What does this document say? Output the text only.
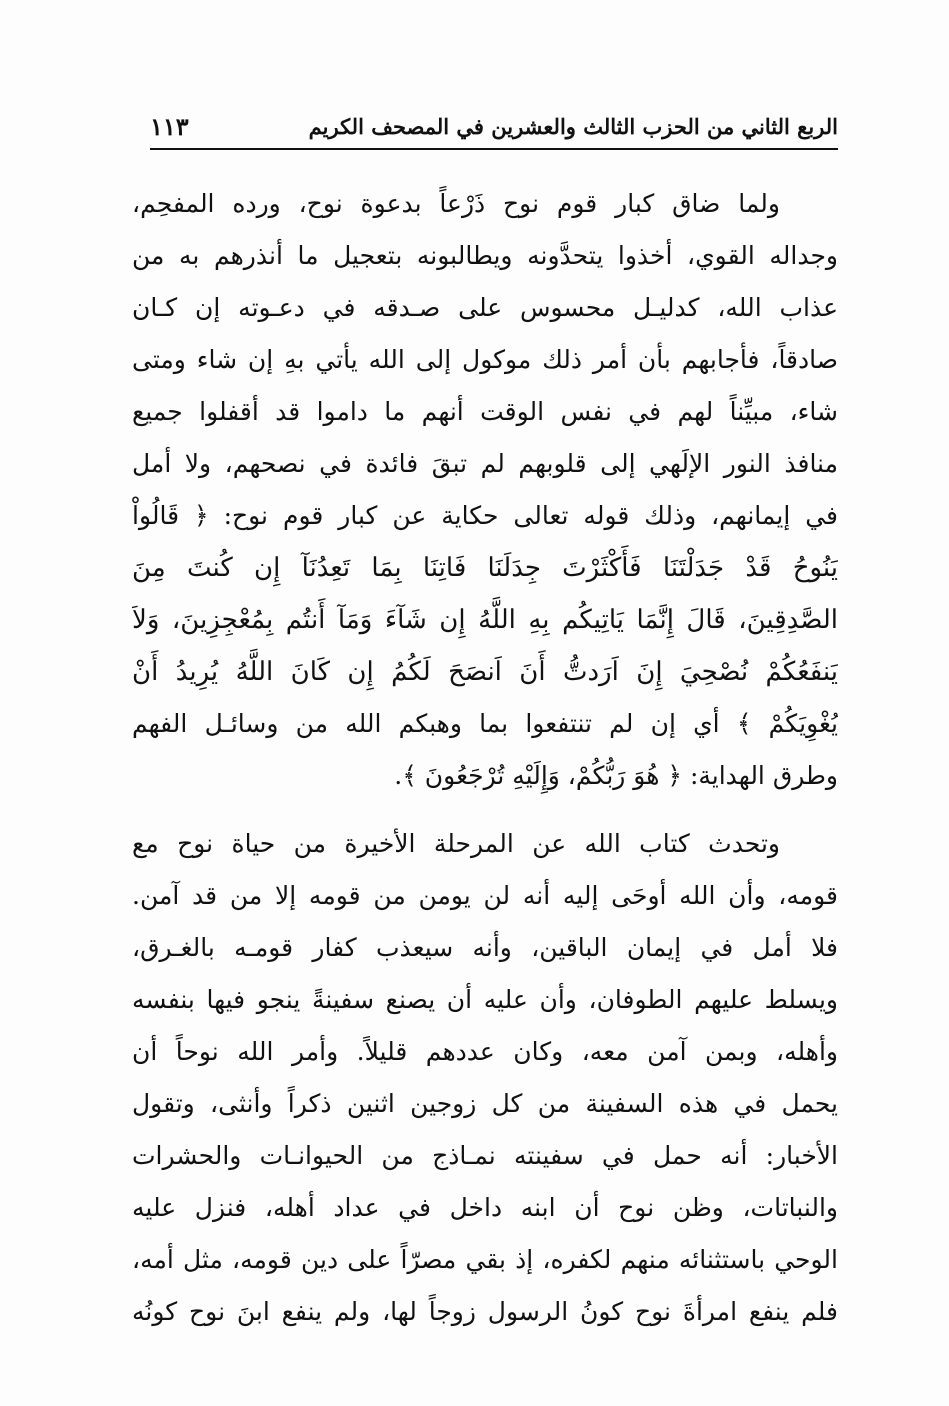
الربع الثاني من الحزب الثالث والعشرين في المصحف الكريم
١١٣
ولما ضاق كبار قوم نوح ذَرْعاً بدعوة نوح، ورده المفحِم،
وجداله القوي، أخذوا يتحدَّونه ويطالبونه بتعجيل ما أنذرهم به من
عذاب الله، كدليـل محسوس على صـدقه في دعـوته إن كـان
صادقاً، فأجابهم بأن أمر ذلك موكول إلى الله يأتي بهِ إن شاء ومتى
شاء، مبيِّناً لهم في نفس الوقت أنهم ما داموا قد أقفلوا جميع
منافذ النور الإلَهي إلى قلوبهم لم تبقَ فائدة في نصحهم، ولا أمل
في إيمانهم، وذلك قوله تعالى حكاية عن كبار قوم نوح: ﴿ قَالُواْ
يَنُوحُ قَدْ جَدَلْتَنَا فَأَكْثَرْتَ جِدَلَنَا فَاتِنَا بِمَا تَعِدُنَآ إِن كُنتَ مِنَ
الصَّدِقِينَ، قَالَ إِنَّمَا يَاتِيكُم بِهِ اللَّهُ إِن شَآءَ وَمَآ أَنتُم بِمُعْجِزِينَ، وَلاَ
يَنفَعُكُمْ نُصْحِيَ إِنَ اَرَدتُّ أَنَ اَنصَحَ لَكُمُ إِن كَانَ اللَّهُ يُرِيدُ أَنْ
يُغْوِيَكُمْ ﴾ أي إن لم تنتفعوا بما وهبكم الله من وسائـل الفهم
وطرق الهداية: ﴿ هُوَ رَبُّكُمْ، وَإِلَيْهِ تُرْجَعُونَ ﴾.
وتحدث كتاب الله عن المرحلة الأخيرة من حياة نوح مع
قومه، وأن الله أوحَى إليه أنه لن يومن من قومه إلا من قد آمن.
فلا أمل في إيمان الباقين، وأنه سيعذب كفار قومـه بالغـرق،
ويسلط عليهم الطوفان، وأن عليه أن يصنع سفينةً ينجو فيها بنفسه
وأهله، وبمن آمن معه، وكان عددهم قليلاً. وأمر الله نوحاً أن
يحمل في هذه السفينة من كل زوجين اثنين ذكراً وأنثى، وتقول
الأخبار: أنه حمل في سفينته نمـاذج من الحيوانـات والحشرات
والنباتات، وظن نوح أن ابنه داخل في عداد أهله، فنزل عليه
الوحي باستثنائه منهم لكفره، إذ بقي مصرّاً على دين قومه، مثل أمه،
فلم ينفع امرأةَ نوح كونُ الرسول زوجاً لها، ولم ينفع ابنَ نوح كونُه
